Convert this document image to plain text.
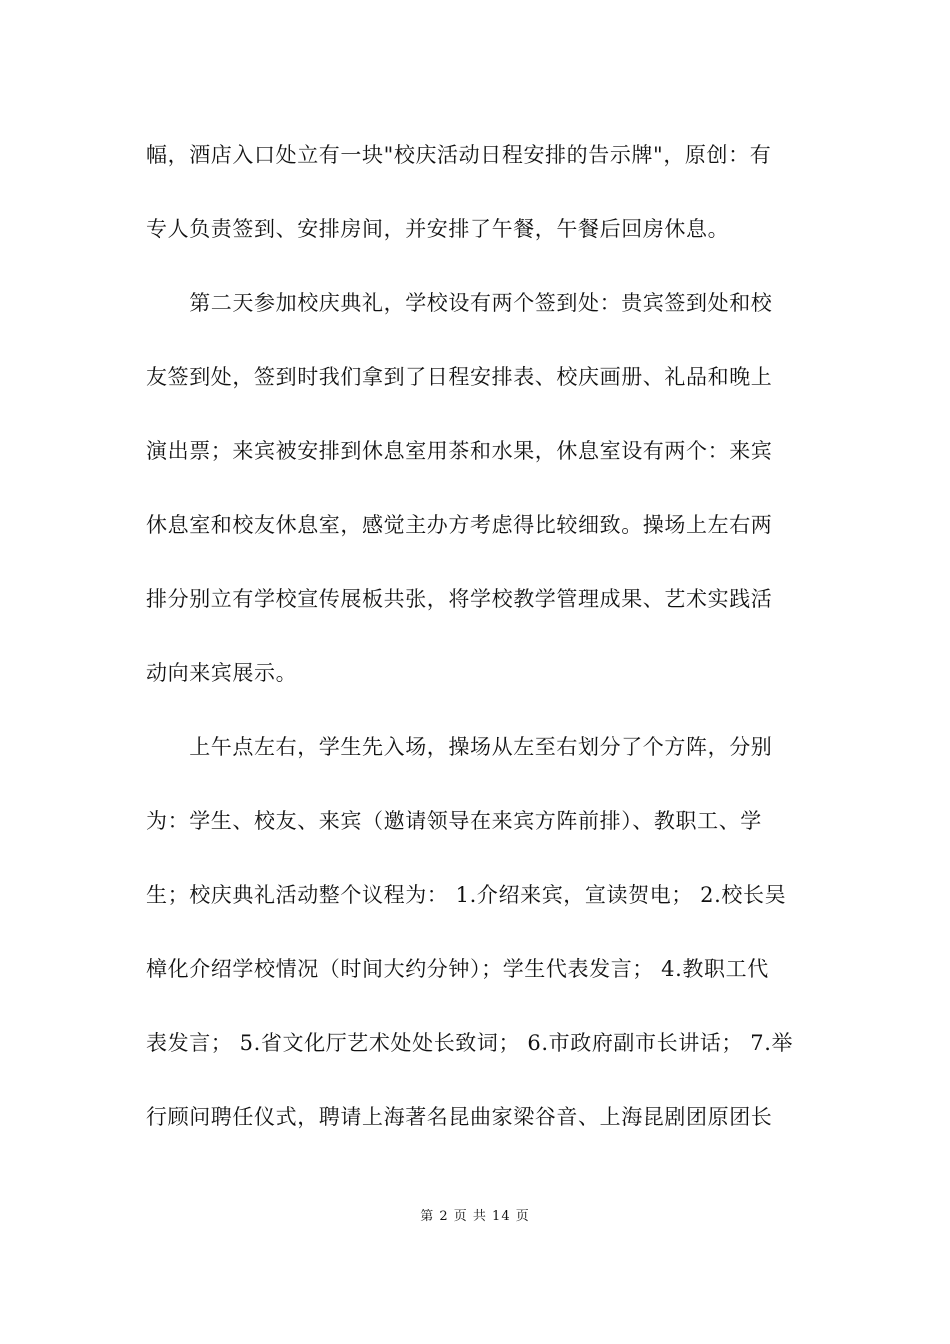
幅，酒店入口处立有一块"校庆活动日程安排的告示牌"，原创：有
专人负责签到、安排房间，并安排了午餐，午餐后回房休息。
　　第二天参加校庆典礼，学校设有两个签到处：贵宾签到处和校
友签到处，签到时我们拿到了日程安排表、校庆画册、礼品和晚上
演出票；来宾被安排到休息室用茶和水果，休息室设有两个：来宾
休息室和校友休息室，感觉主办方考虑得比较细致。操场上左右两
排分别立有学校宣传展板共张，将学校教学管理成果、艺术实践活
动向来宾展示。
　　上午点左右，学生先入场，操场从左至右划分了个方阵，分别
为：学生、校友、来宾（邀请领导在来宾方阵前排）、教职工、学
生；校庆典礼活动整个议程为： 1.介绍来宾，宣读贺电； 2.校长吴
樟化介绍学校情况（时间大约分钟）；学生代表发言； 4.教职工代
表发言； 5.省文化厅艺术处处长致词； 6.市政府副市长讲话； 7.举
行顾问聘任仪式，聘请上海著名昆曲家梁谷音、上海昆剧团原团长
第 2 页 共 14 页
